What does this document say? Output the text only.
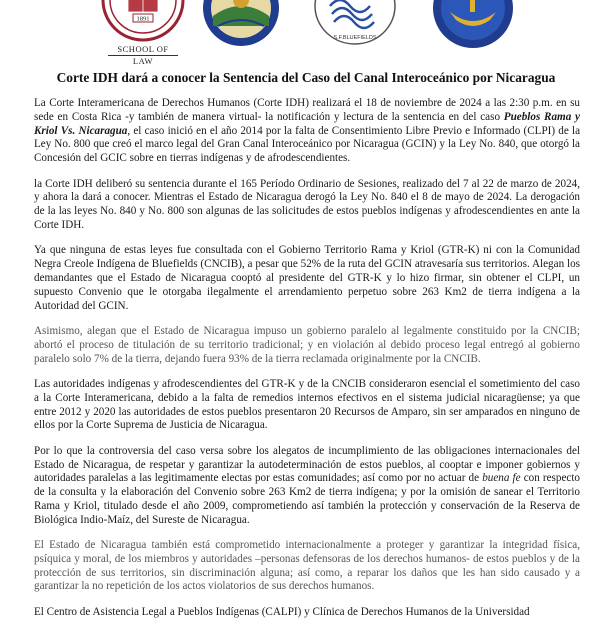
1891
SCHOOL OF
LAW
S.F.BLUEFIELDS
Corte IDH dará a conocer la Sentencia del Caso del Canal Interoceánico por Nicaragua

La Corte Interamericana de Derechos Humanos (Corte IDH) realizará el 18 de noviembre de 2024 a las 2:30 p.m. en su sede en Costa Rica -y también de manera virtual- la notificación y lectura de la sentencia en del caso Pueblos Rama y Kriol Vs. Nicaragua, el caso inició en el año 2014 por la falta de Consentimiento Libre Previo e Informado (CLPI) de la Ley No. 800 que creó el marco legal del Gran Canal Interoceánico por Nicaragua (GCIN) y la Ley No. 840, que otorgó la Concesión del GCIC sobre en tierras indígenas y de afrodescendientes.

la Corte IDH deliberó su sentencia durante el 165 Período Ordinario de Sesiones, realizado del 7 al 22 de marzo de 2024, y ahora la dará a conocer. Mientras el Estado de Nicaragua derogó la Ley No. 840 el 8 de mayo de 2024. La derogación de la las leyes No. 840 y No. 800 son algunas de las solicitudes de estos pueblos indígenas y afrodescendientes en ante la Corte IDH.

Ya que ninguna de estas leyes fue consultada con el Gobierno Territorio Rama y Kriol (GTR-K) ni con la Comunidad Negra Creole Indígena de Bluefields (CNCIB), a pesar que 52% de la ruta del GCIN atravesaría sus territorios. Alegan los demandantes que el Estado de Nicaragua cooptó al presidente del GTR-K y lo hizo firmar, sin obtener el CLPI, un supuesto Convenio que le otorgaba ilegalmente el arrendamiento perpetuo sobre 263 Km2 de tierra indígena a la Autoridad del GCIN.

Asimismo, alegan que el Estado de Nicaragua impuso un gobierno paralelo al legalmente constituido por la CNCIB; abortó el proceso de titulación de su territorio tradicional; y en violación al debido proceso legal entregó al gobierno paralelo solo 7% de la tierra, dejando fuera 93% de la tierra reclamada originalmente por la CNCIB.

Las autoridades indígenas y afrodescendientes del GTR-K y de la CNCIB consideraron esencial el sometimiento del caso a la Corte Interamericana, debido a la falta de remedios internos efectivos en el sistema judicial nicaragüense; ya que entre 2012 y 2020 las autoridades de estos pueblos presentaron 20 Recursos de Amparo, sin ser amparados en ninguno de ellos por la Corte Suprema de Justicia de Nicaragua.

Por lo que la controversia del caso versa sobre los alegatos de incumplimiento de las obligaciones internacionales del Estado de Nicaragua, de respetar y garantizar la autodeterminación de estos pueblos, al cooptar e imponer gobiernos y autoridades paralelas a las legitimamente electas por estas comunidades; así como por no actuar de buena fe con respecto de la consulta y la elaboración del Convenio sobre 263 Km2 de tierra indígena; y por la omisión de sanear el Territorio Rama y Kriol, titulado desde el año 2009, comprometiendo así también la protección y conservación de la Reserva de Biológica Indio-Maíz, del Sureste de Nicaragua.

El Estado de Nicaragua también está comprometido internacionalmente a proteger y garantizar la integridad física, psíquica y moral, de los miembros y autoridades –personas defensoras de los derechos humanos- de estos pueblos y de la protección de sus territorios, sin discriminación alguna; así como, a reparar los daños que les han sido causado y a garantizar la no repetición de los actos violatorios de sus derechos humanos.

El Centro de Asistencia Legal a Pueblos Indígenas (CALPI) y Clínica de Derechos Humanos de la Universidad
